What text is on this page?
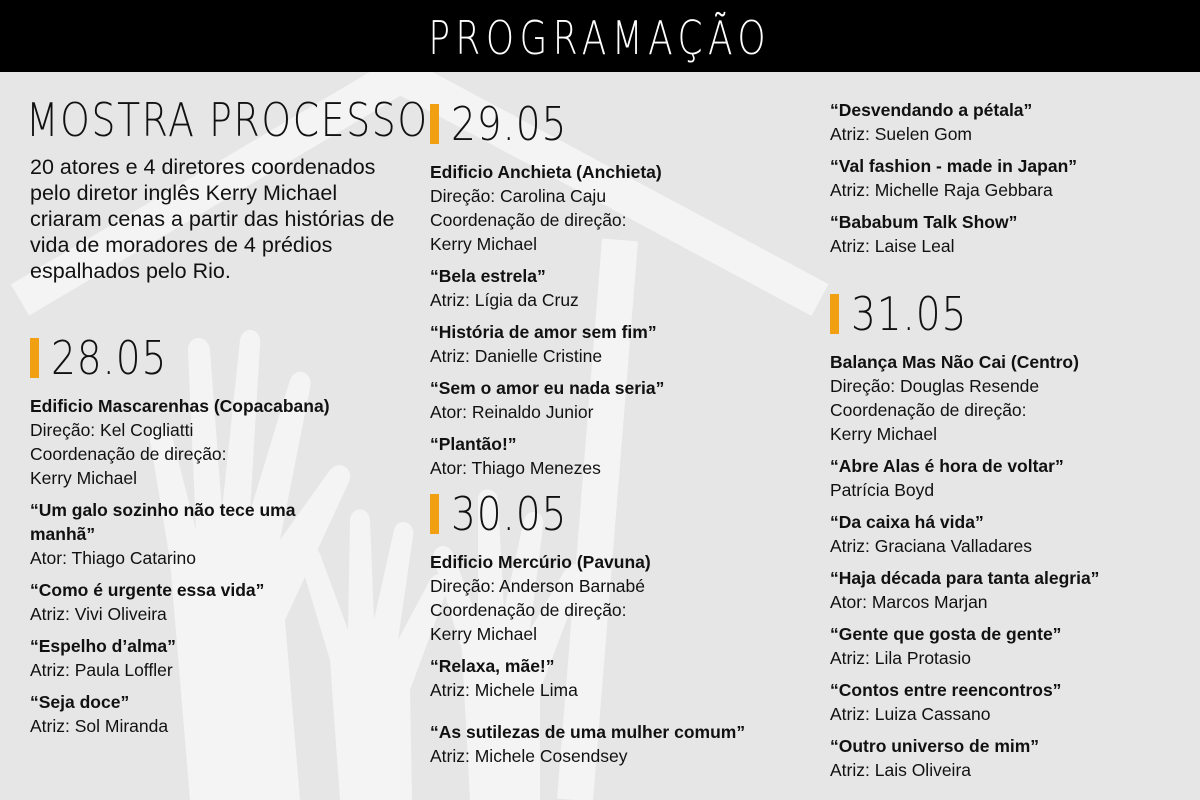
PROGRAMAÇÃO
MOSTRA PROCESSO
20 atores e 4 diretores coordenados pelo diretor inglês Kerry Michael criaram cenas a partir das histórias de vida de moradores de 4 prédios espalhados pelo Rio.
28.05
Edificio Mascarenhas (Copacabana)
Direção: Kel Cogliatti
Coordenação de direção:
Kerry Michael
“Um galo sozinho não tece uma manhã”
Ator: Thiago Catarino
“Como é urgente essa vida”
Atriz: Vivi Oliveira
“Espelho d’alma”
Atriz: Paula Loffler
“Seja doce”
Atriz: Sol Miranda
29.05
Edificio Anchieta (Anchieta)
Direção: Carolina Caju
Coordenação de direção:
Kerry Michael
“Bela estrela”
Atriz: Lígia da Cruz
“História de amor sem fim”
Atriz: Danielle Cristine
“Sem o amor eu nada seria”
Ator: Reinaldo Junior
“Plantão!”
Ator: Thiago Menezes
30.05
Edificio Mercúrio (Pavuna)
Direção: Anderson Barnabé
Coordenação de direção:
Kerry Michael
“Relaxa, mãe!”
Atriz: Michele Lima
“As sutilezas de uma mulher comum”
Atriz: Michele Cosendsey
“Desvendando a pétala”
Atriz: Suelen Gom
“Val fashion - made in Japan”
Atriz: Michelle Raja Gebbara
“Bababum Talk Show”
Atriz: Laise Leal
31.05
Balança Mas Não Cai (Centro)
Direção: Douglas Resende
Coordenação de direção:
Kerry Michael
“Abre Alas é hora de voltar”
Patrícia Boyd
“Da caixa há vida”
Atriz: Graciana Valladares
“Haja década para tanta alegria”
Ator: Marcos Marjan
“Gente que gosta de gente”
Atriz: Lila Protasio
“Contos entre reencontros”
Atriz: Luiza Cassano
“Outro universo de mim”
Atriz: Lais Oliveira
